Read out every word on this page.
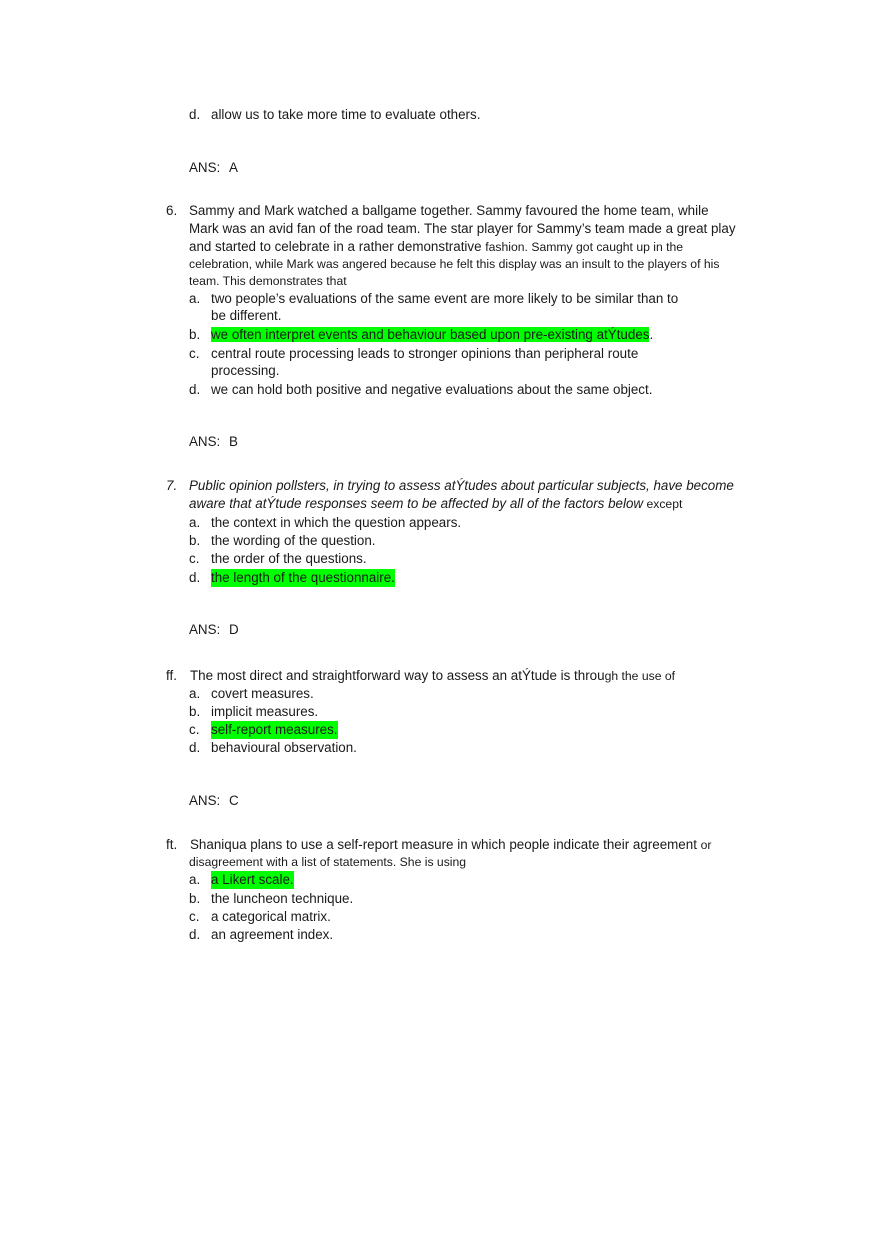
d. allow us to take more time to evaluate others.
ANS: A
6. Sammy and Mark watched a ballgame together. Sammy favoured the home team, while
Mark was an avid fan of the road team. The star player for Sammy’s team made a great play
and started to celebrate in a rather demonstrative fashion. Sammy got caught up in the
celebration, while Mark was angered because he felt this display was an insult to the players of his
team. This demonstrates that
a. two people’s evaluations of the same event are more likely to be similar than to
be different.
b. we often interpret events and behaviour based upon pre-existing atÝtudes.
c. central route processing leads to stronger opinions than peripheral route
processing.
d. we can hold both positive and negative evaluations about the same object.
ANS: B
7. Public opinion pollsters, in trying to assess atÝtudes about particular subjects, have become
aware that atÝtude responses seem to be affected by all of the factors below except
a. the context in which the question appears.
b. the wording of the question.
c. the order of the questions.
d. the length of the questionnaire.
ANS: D
ff. The most direct and straightforward way to assess an atÝtude is through the use of
a. covert measures.
b. implicit measures.
c. self-report measures.
d. behavioural observation.
ANS: C
ft. Shaniqua plans to use a self-report measure in which people indicate their agreement or
disagreement with a list of statements. She is using
a. a Likert scale.
b. the luncheon technique.
c. a categorical matrix.
d. an agreement index.
